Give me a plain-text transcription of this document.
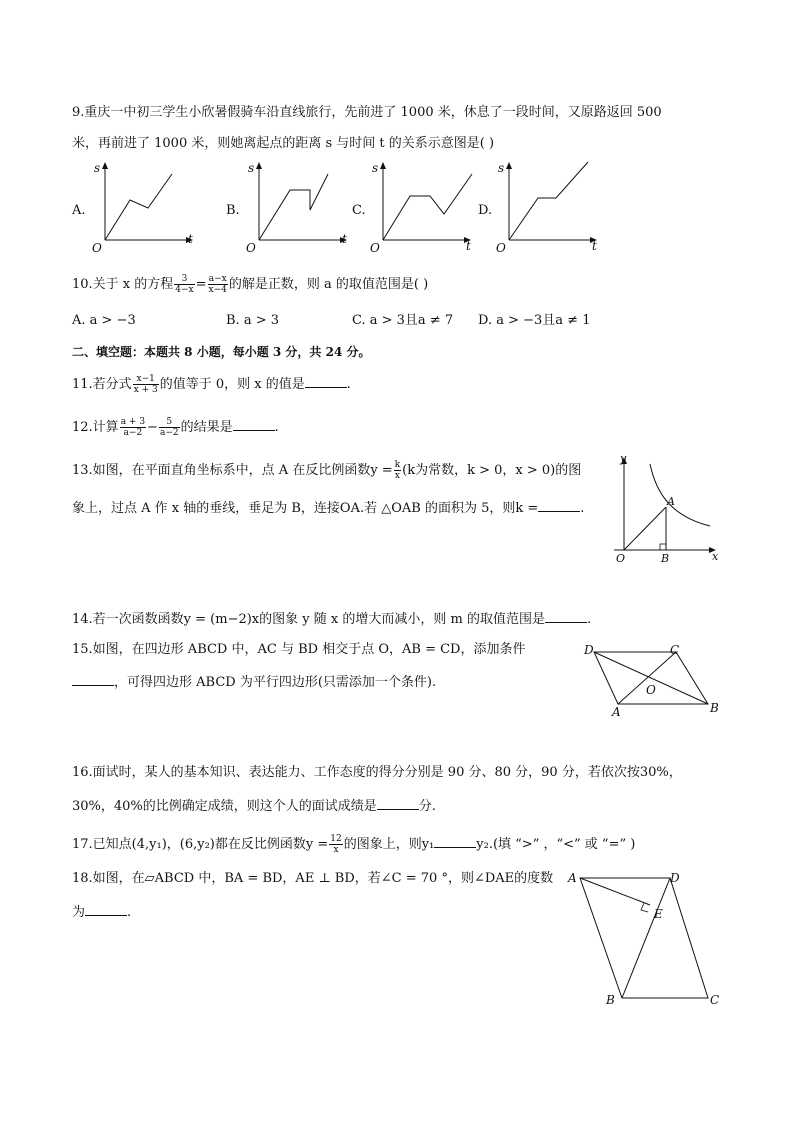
9.重庆一中初三学生小欣暑假骑车沿直线旅行，先前进了 1000 米，休息了一段时间，又原路返回 500
米，再前进了 1000 米，则她离起点的距离 s 与时间 t 的关系示意图是( )
A.
s
t
O
B.
s
t
O
C.
s
t
O
D.
s
t
O
10.关于 x 的方程 $\frac{3}{4-x} = \frac{a-x}{x-4}$ 的解是正数，则 a 的取值范围是( )
A. a > −3	B. a > 3	C. a > 3且a ≠ 7 D. a > −3且a ≠ 1
二、填空题：本题共 8 小题，每小题 3 分，共 24 分。
11.若分式 $\frac{x-1}{x + 3}$ 的值等于 0，则 x 的值是	.
12.计算 $\frac{a + 3}{a-2} - \frac{5}{a-2}$ 的结果是	.
13.如图，在平面直角坐标系中，点 A 在反比例函数$y = \frac{k}{x} (k$为常数，k > 0，x > 0)的图
象上，过点 A 作 x 轴的垂线，垂足为 B，连接OA.若 △OAB 的面积为 5，则k =	.
y
x
O
A
B
14.若一次函数函数y = (m−2)x的图象 y 随 x 的增大而减小，则 m 的取值范围是	.
15.如图，在四边形 ABCD 中，AC 与 BD 相交于点 O，AB = CD，添加条件
，可得四边形 ABCD 为平行四边形(只需添加一个条件).
D	C
O
A	B
16.面试时，某人的基本知识、表达能力、工作态度的得分分别是 90 分、80 分，90 分，若依次按30%，
30%，40%的比例确定成绩，则这个人的面试成绩是	分.
17.已知点(4,y₁)，(6,y₂)都在反比例函数$y = \frac{12}{x}$ 的图象上，则y₁	y₂.(填 “>” ，“<” 或 “=” )
18.如图，在▱ABCD 中，BA = BD，AE ⊥ BD，若∠C = 70 °，则∠DAE的度数
为	.
A	D
E
B	C
